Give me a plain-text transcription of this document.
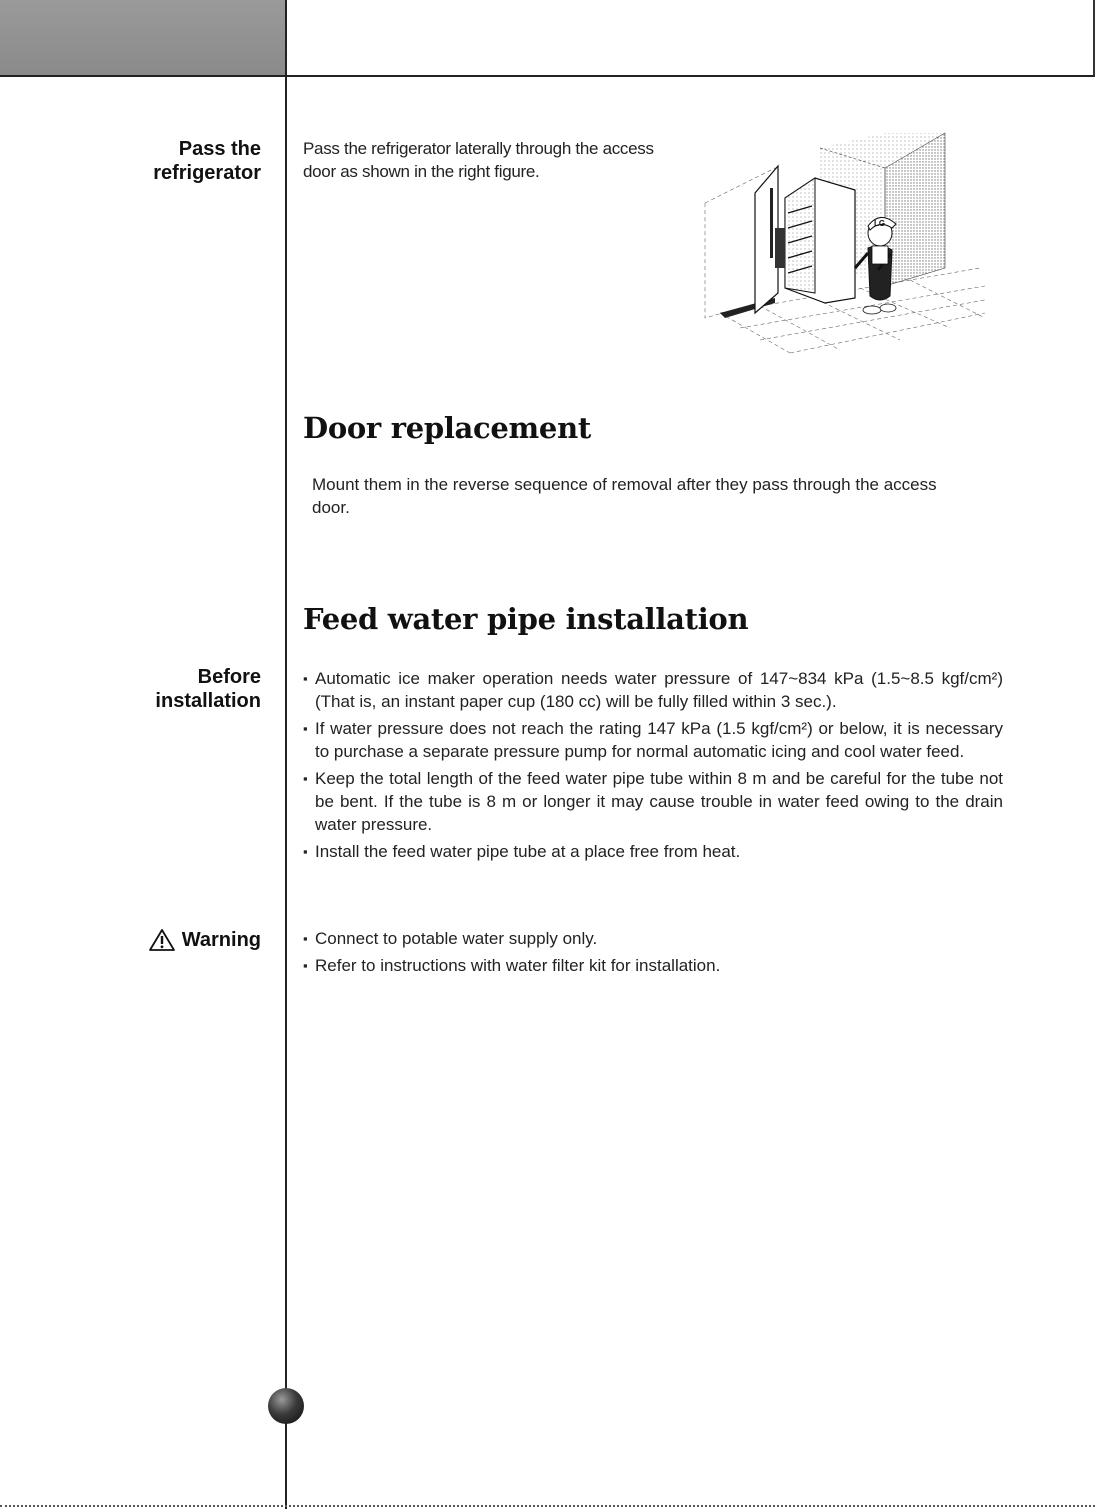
Pass the
refrigerator
Pass the refrigerator laterally through the access
door as shown in the right figure.
LG
Door replacement
Mount them in the reverse sequence of removal after they pass through the access
door.
Feed water pipe installation
Before
installation
▪ Automatic ice maker operation needs water pressure of 147~834 kPa (1.5~8.5 kgf/cm²) (That is, an instant paper cup (180 cc) will be fully filled within 3 sec.).
▪ If water pressure does not reach the rating 147 kPa (1.5 kgf/cm²) or below, it is necessary to purchase a separate pressure pump for normal automatic icing and cool water feed.
▪ Keep the total length of the feed water pipe tube within 8 m and be careful for the tube not be bent. If the tube is 8 m or longer it may cause trouble in water feed owing to the drain water pressure.
▪ Install the feed water pipe tube at a place free from heat.
Warning
▪	Connect to potable water supply only.
▪ Refer to instructions with water filter kit for installation.
